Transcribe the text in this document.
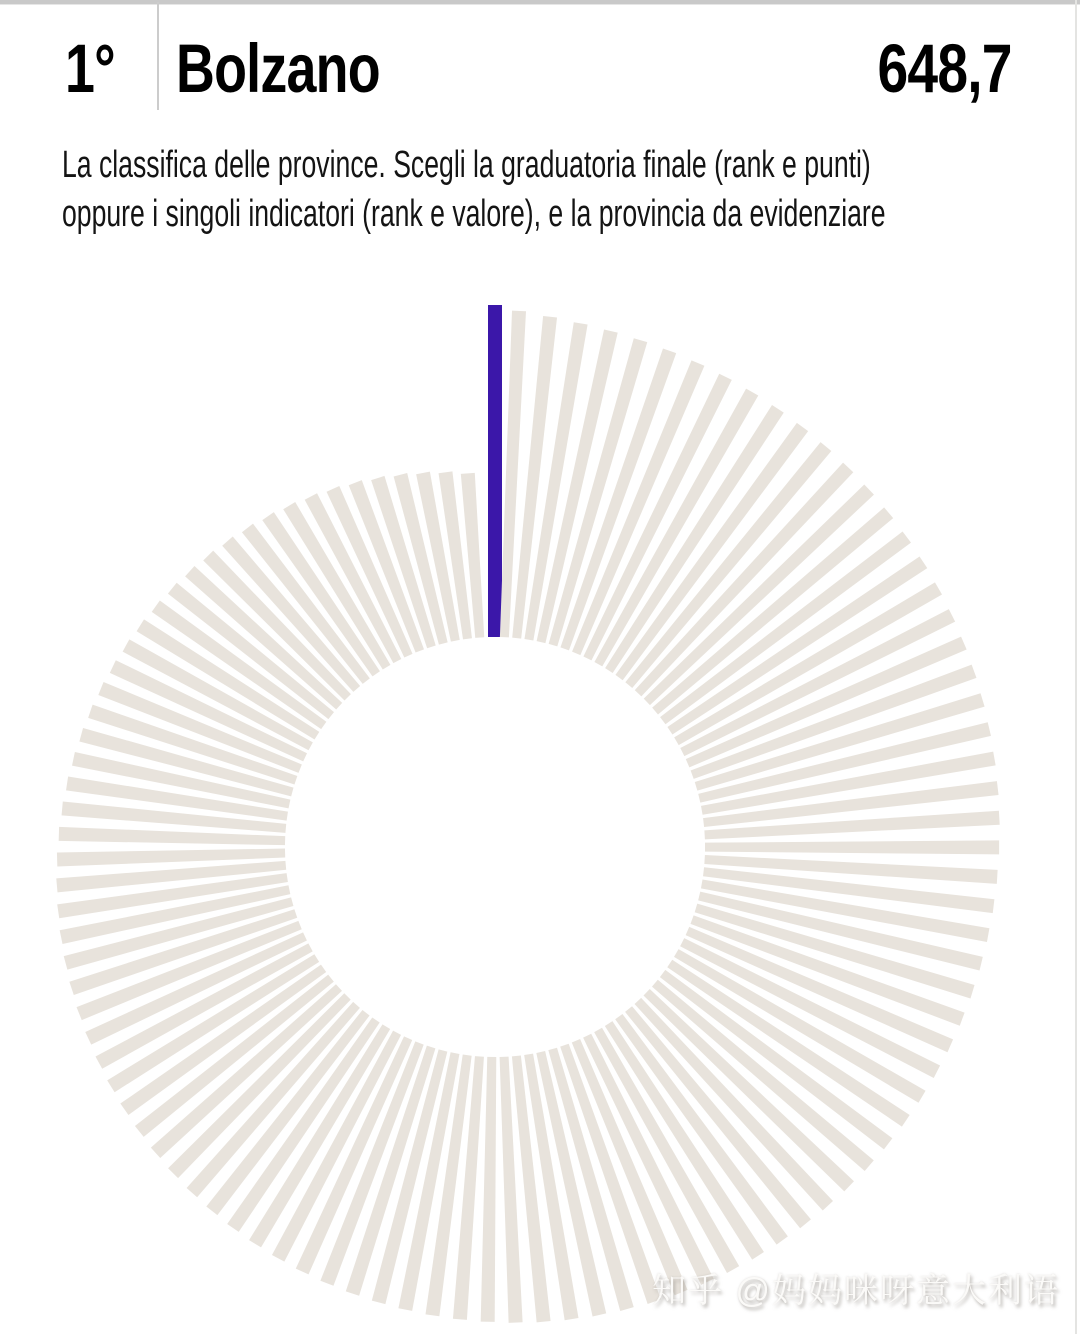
1° Bolzano	648,7

La classifica delle province. Scegli la graduatoria finale (rank e punti)
oppure i singoli indicatori (rank e valore), e la provincia da evidenziare

知乎 @妈妈咪呀意大利语
